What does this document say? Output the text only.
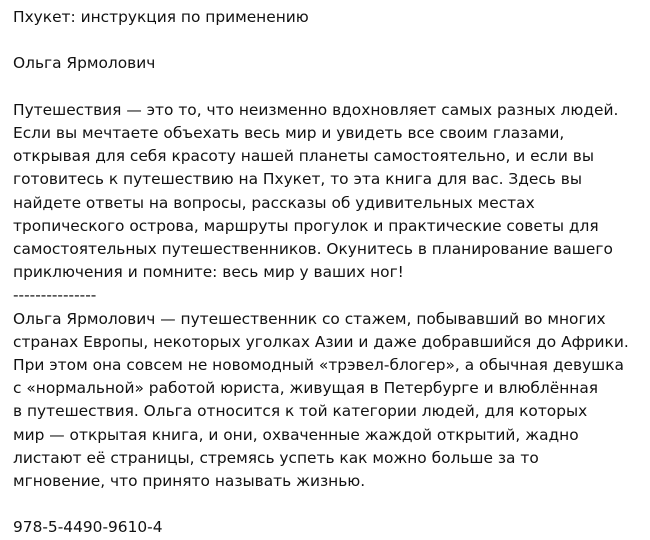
Пхукет: инструкция по применению
Ольга Ярмолович
Путешествия — это то, что неизменно вдохновляет самых разных людей.
Если вы мечтаете объехать весь мир и увидеть все своим глазами,
открывая для себя красоту нашей планеты самостоятельно, и если вы
готовитесь к путешествию на Пхукет, то эта книга для вас. Здесь вы
найдете ответы на вопросы, рассказы об удивительных местах
тропического острова, маршруты прогулок и практические советы для
самостоятельных путешественников. Окунитесь в планирование вашего
приключения и помните: весь мир у ваших ног!
---------------
Ольга Ярмолович — путешественник со стажем, побывавший во многих
странах Европы, некоторых уголках Азии и даже добравшийся до Африки.
При этом она совсем не новомодный «трэвел-блогер», а обычная девушка
с «нормальной» работой юриста, живущая в Петербурге и влюблённая
в путешествия. Ольга относится к той категории людей, для которых
мир — открытая книга, и они, охваченные жаждой открытий, жадно
листают её страницы, стремясь успеть как можно больше за то
мгновение, что принято называть жизнью.
978-5-4490-9610-4
